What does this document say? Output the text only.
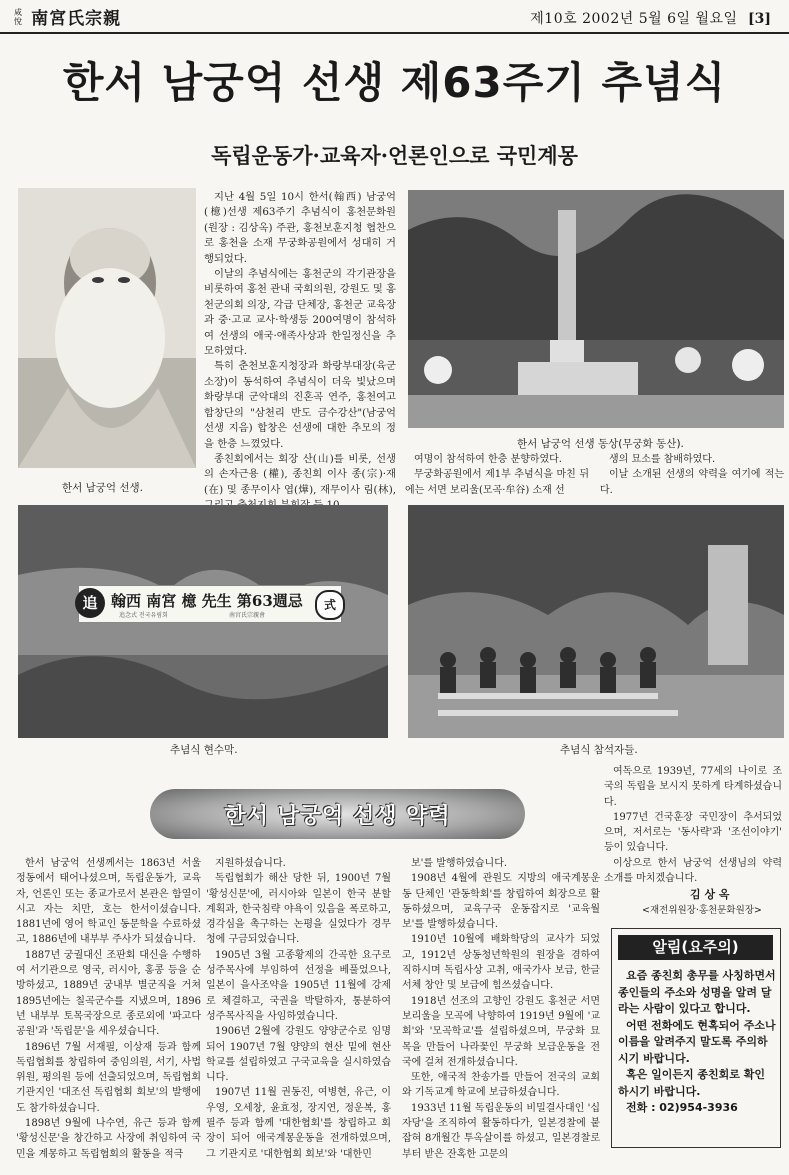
咸悅 南宮氏宗親	제10호 2002년 5월 6일 월요일 [3]
한서 남궁억 선생 제63주기 추념식
독립운동가·교육자·언론인으로 국민계몽
한서 남궁억 선생.

지난 4월 5일 10시 한서(翰西) 남궁억(檍)선생 제63주기 추념식이 홍천문화원(원장 : 김상옥) 주관, 홍천보훈지청 협찬으로 홍천을 소재 무궁화공원에서 성대히 거행되었다.

이날의 추념식에는 홍천군의 각기관장을 비롯하여 홍천 관내 국회의원, 강원도 및 홍천군의회 의장, 각급 단체장, 홍천군 교육장과 중·고교 교사·학생등 200여명이 참석하여 선생의 애국·애족사상과 한일정신을 추모하였다.

특히 춘천보훈지청장과 화랑부대장(육군소장)이 동석하여 추념식이 더욱 빛났으며 화랑부대 군악대의 진혼곡 연주, 홍천여고 합창단의 "삼천리 반도 금수강산"(남궁억 선생 지음) 합창은 선생에 대한 추모의 정을 한층 느꼈었다.

종친회에서는 회장 산(山)를 비롯, 선생의 손자근용 (權), 종친회 이사 종(宗)·재(在) 및 종무이사 엽(燁), 재무이사 림(林),

한서 남궁억 선생 동상(무궁화 동산).

여명이 참석하여 한층 분향하였다.

무궁화공원에서 제1부 추념식을 마친 뒤에는 서면 보리울(모곡·牟谷) 소재 선

생의 묘소를 참배하였다.

이날 소개된 선생의 약력을 여기에 적는다.

追 翰西 南宮 檍 先生 第63週忌	式
追念式 전국유림회	南宮氏宗親會
추념식 현수막.	추념식 참석자들.
한서 남궁억 선생 약력

여독으로 1939년, 77세의 나이로 조국의 독립을 보시지 못하게 타계하셨습니다.

1977년 건국훈장 국민장이 추서되었으며, 저서로는 '동사략'과 '조선이야기' 등이 있습니다.

이상으로 한서 남궁억 선생님의 약력 소개를 마치겠습니다.

김 상 옥
<재전위원장·홍천문화원장>

한서 남궁억 선생께서는 1863년 서울 정동에서 태어나셨으며, 독립운동가, 교육자, 언론인 또는 종교가로서 본관은 함열이시고 자는 치만, 호는 한서이셨습니다. 1881년에 영어 학교인 동문학을 수료하셨고, 1886년에 내부부 주사가 되셨습니다.

1887년 궁궐대신 조판회 대신을 수행하여 서기관으로 영국, 러시아, 홍콩 등을 순방하셨고, 1889년 궁내부 별군직을 거쳐 1895년에는 칠곡군수를 지냈으며, 1896년 내부부 토목국장으로 종로외에 '파고다 공원'과 '독립문'을 세우셨습니다.

1896년 7월 서재필, 이상재 등과 함께 독립협회를 창립하여 중임의원, 서기, 사법위원, 평의원 등에 선출되었으며, 독립협회 기관지인 '대조선 독립협회 회보'의 발행에도 참가하셨습니다.

1898년 9월에 나수연, 유근 등과 함께 '황성신문'을 창간하고 사장에 취임하여 국민을 계몽하고 독립협회의 활동을 적극

지원하셨습니다.

독립협회가 해산 당한 뒤, 1900년 7월 '황성신문'에, 러시아와 일본이 한국 분할 계획과, 한국침략 야욕이 있음을 폭로하고, 경각심을 촉구하는 논평을 실었다가 경무청에 구금되었습니다.

1905년 3월 고종황제의 간곡한 요구로 성주목사에 부임하여 선정을 베풀었으나, 일본이 을사조약을 1905년 11월에 강제로 체결하고, 국권을 박탈하자, 통분하여 성주목사직을 사임하였습니다.

1906년 2월에 강원도 양양군수로 임명되어 1907년 7월 양양의 현산 밑에 현산학교를 설립하였고 구국교육을 실시하였습니다.

1907년 11월 권동진, 여병현, 유근, 이우영, 오세창, 윤효정, 장지연, 정운복, 홍필주 등과 함께 '대한협회'를 창립하고 회장이 되어 애국계몽운동을 전개하였으며, 그 기관지로 '대한협회 회보'와 '대한민

보'를 발행하였습니다.

1908년 4월에 관원도 지방의 애국계몽운동 단체인 '관동학회'를 창립하여 회장으로 활동하셨으며, 교육구국 운동잡지로 '교육월보'를 발행하셨습니다.

1910년 10월에 배화학당의 교사가 되었고, 1912년 상동청년학원의 원장을 겸하여 직하시며 독립사상 고취, 애국가사 보급, 한글서체 창안 및 보급에 힘쓰셨습니다.

1918년 선조의 고향인 강원도 홍천군 서면 보리울을 모곡에 낙향하여 1919년 9월에 '교회'와 '모곡학교'를 설립하셨으며, 무궁화 묘목을 만들어 나라꽃인 무궁화 보급운동을 전국에 걸쳐 전개하셨습니다.

또한, 애국적 찬송가를 만들어 전국의 교회와 기독교계 학교에 보급하셨습니다.

1933년 11월 독립운동의 비밀결사대인 '십자당'을 조직하여 활동하다가, 일본경찰에 붙잡혀 8개월간 투옥살이를 하셨고, 일본경찰로 부터 받은 잔혹한 고문의

알림(요주의)

요즘 종친회 총무를 사칭하면서 종인들의 주소와 성명을 알려 달라는 사람이 있다고 합니다.

어떤 전화에도 현혹되어 주소나 이름을 알려주지 말도록 주의하시기 바랍니다.

혹은 일이든지 종친회로 확인 하시기 바랍니다.

전화 : 02)954-3936
